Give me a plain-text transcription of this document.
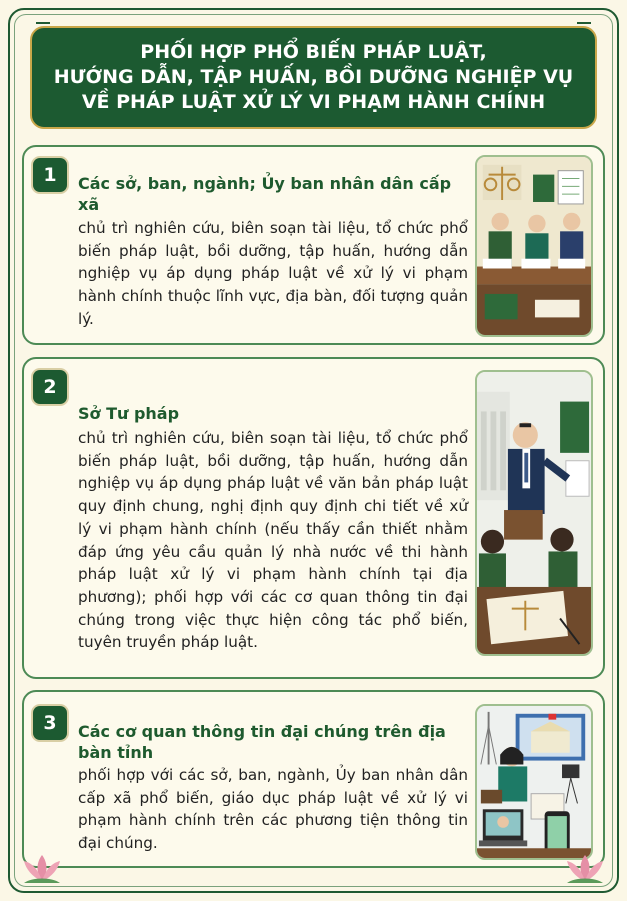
PHỐI HỢP PHỔ BIẾN PHÁP LUẬT,
HƯỚNG DẪN, TẬP HUẤN, BỒI DƯỠNG NGHIỆP VỤ
VỀ PHÁP LUẬT XỬ LÝ VI PHẠM HÀNH CHÍNH
1	Các sở, ban, ngành; Ủy ban nhân dân cấp xã
chủ trì nghiên cứu, biên soạn tài liệu, tổ chức phổ biến pháp luật, bồi dưỡng, tập huấn, hướng dẫn nghiệp vụ áp dụng pháp luật về xử lý vi phạm hành chính thuộc lĩnh vực, địa bàn, đối tượng quản lý.
2
Sở Tư pháp
chủ trì nghiên cứu, biên soạn tài liệu, tổ chức phổ biến pháp luật, bồi dưỡng, tập huấn, hướng dẫn nghiệp vụ áp dụng pháp luật về văn bản pháp luật quy định chung, nghị định quy định chi tiết về xử lý vi phạm hành chính (nếu thấy cần thiết nhằm đáp ứng yêu cầu quản lý nhà nước về thi hành pháp luật xử lý vi phạm hành chính tại địa phương); phối hợp với các cơ quan thông tin đại chúng trong việc thực hiện công tác phổ biến, tuyên truyền pháp luật.
3	Các cơ quan thông tin đại chúng trên địa bàn tỉnh
phối hợp với các sở, ban, ngành, Ủy ban nhân dân cấp xã phổ biến, giáo dục pháp luật về xử lý vi phạm hành chính trên các phương tiện thông tin đại chúng.
